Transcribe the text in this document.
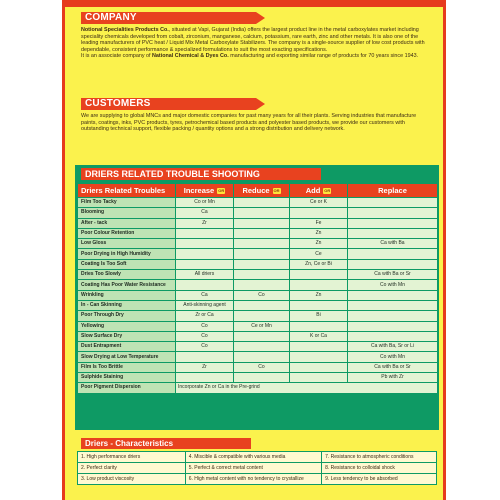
COMPANY
Notional Specialities Products Co., situated at Vapi, Gujarat (India) offers the largest product line in the metal carboxylates market including speciality chemicals developed from cobalt, zirconium, manganese, calcium, potassium, rare earth, zinc and other metals. It is also one of the leading manufacturers of PVC heat / Liquid Mix Metal Carboxylate Stabilizers. The company is a single-source supplier of low cost products with dependable, consistent performance & specialized formulations to suit the most exacting specifications.
It is an associate company of National Chemical & Dyes Co. manufacturing and exporting similar range of products for 70 years since 1943.
CUSTOMERS
We are supplying to global MNCs and major domestic companies for past many years for all their plants. Serving industries that manufacture paints, coatings, inks, PVC products, tyres, petrochemical based products and polyester based products, we provide our customers with outstanding technical support, flexible packing / quantity options and a strong distribution and delivery network.
DRIERS RELATED TROUBLE SHOOTING
Driers Related Troubles	Increase OR	Reduce OR	Add OR	Replace
Film Too Tacky	Co or Mn		Ce or K	
Blooming	Ca			
After - tack	Zr		Fe	
Poor Colour Retention			Zn	
Low Gloss			Zn	Ca with Ba
Poor Drying in High Humidity			Ce	
Coating Is Too Soft			Zn, Ce or Bi	
Dries Too Slowly	All driers			Ca with Ba or Sr
Coating Has Poor Water Resistance				Co with Mn
Wrinkling	Ca	Co	Zn	
In - Can Skinning	Anti-skinning agent			
Poor Through Dry	Zr or Ca		Bi	
Yellowing	Co	Ce or Mn		
Slow Surface Dry	Co		K or Ca	
Dust Entrapment	Co			Ca with Ba, Sr or Li
Slow Drying at Low Temperature				Co with Mn
Film Is Too Brittle	Zr	Co		Ca with Ba or Sr
Sulphide Staining				Pb with Zr
Poor Pigment Dispersion	Incorporate Zn or Ca in the Pre-grind			
Driers - Characteristics
1. High performance driers	4. Miscible & compatible with various media	7. Resistance to atmospheric conditions
2. Perfect clarity	5. Perfect & correct metal content	8. Resistance to colloidal shock
3. Low product viscosity	6. High metal content with no tendency to crystallize	9. Less tendency to be absorbed
